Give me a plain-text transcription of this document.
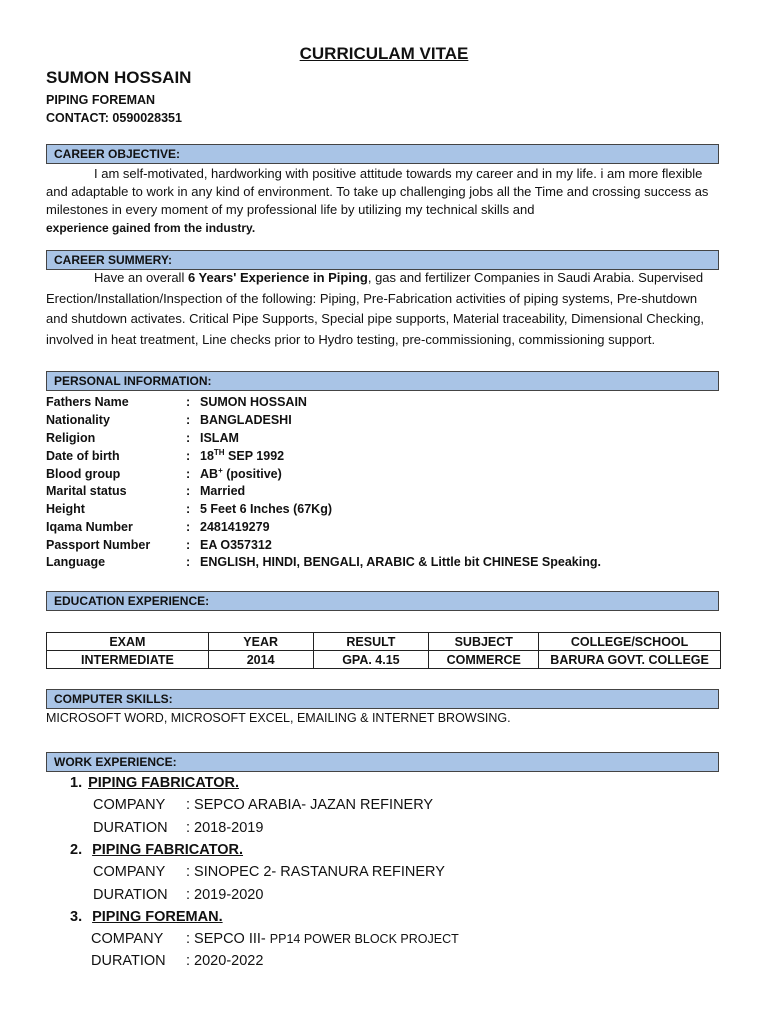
CURRICULAM VITAE
SUMON HOSSAIN
PIPING FOREMAN
CONTACT: 0590028351
CAREER OBJECTIVE:

I am self-motivated, hardworking with positive attitude towards my career and in my life. i am more flexible and adaptable to work in any kind of environment. To take up challenging jobs all the Time and crossing success as milestones in every moment of my professional life by utilizing my technical skills and

experience gained from the industry.

CAREER SUMMERY:

Have an overall 6 Years' Experience in Piping, gas and fertilizer Companies in Saudi Arabia. Supervised Erection/Installation/Inspection of the following: Piping, Pre-Fabrication activities of piping systems, Pre-shutdown and shutdown activates. Critical Pipe Supports, Special pipe supports, Material traceability, Dimensional Checking, involved in heat treatment, Line checks prior to Hydro testing, pre-commissioning, commissioning support.

PERSONAL INFORMATION:
Fathers Name	: SUMON HOSSAIN
Nationality	: BANGLADESHI
Religion	: ISLAM
Date of birth	: 18TH SEP 1992
Blood group	: AB+ (positive)
Marital status	: Married
Height	: 5 Feet 6 Inches (67Kg)
Iqama Number	: 2481419279
Passport Number	: EA O357312
Language	: ENGLISH, HINDI, BENGALI, ARABIC & Little bit CHINESE Speaking.
EDUCATION EXPERIENCE:
EXAM	YEAR	RESULT	SUBJECT	COLLEGE/SCHOOL
INTERMEDIATE	2014	GPA. 4.15	COMMERCE	BARURA GOVT. COLLEGE
COMPUTER SKILLS:
MICROSOFT WORD, MICROSOFT EXCEL, EMAILING & INTERNET BROWSING.
WORK EXPERIENCE:
1. PIPING FABRICATOR.
COMPANY : SEPCO ARABIA- JAZAN REFINERY
DURATION : 2018-2019
2. PIPING FABRICATOR.
COMPANY : SINOPEC 2- RASTANURA REFINERY
DURATION : 2019-2020
3. PIPING FOREMAN.
COMPANY : SEPCO III- PP14 POWER BLOCK PROJECT
DURATION : 2020-2022
